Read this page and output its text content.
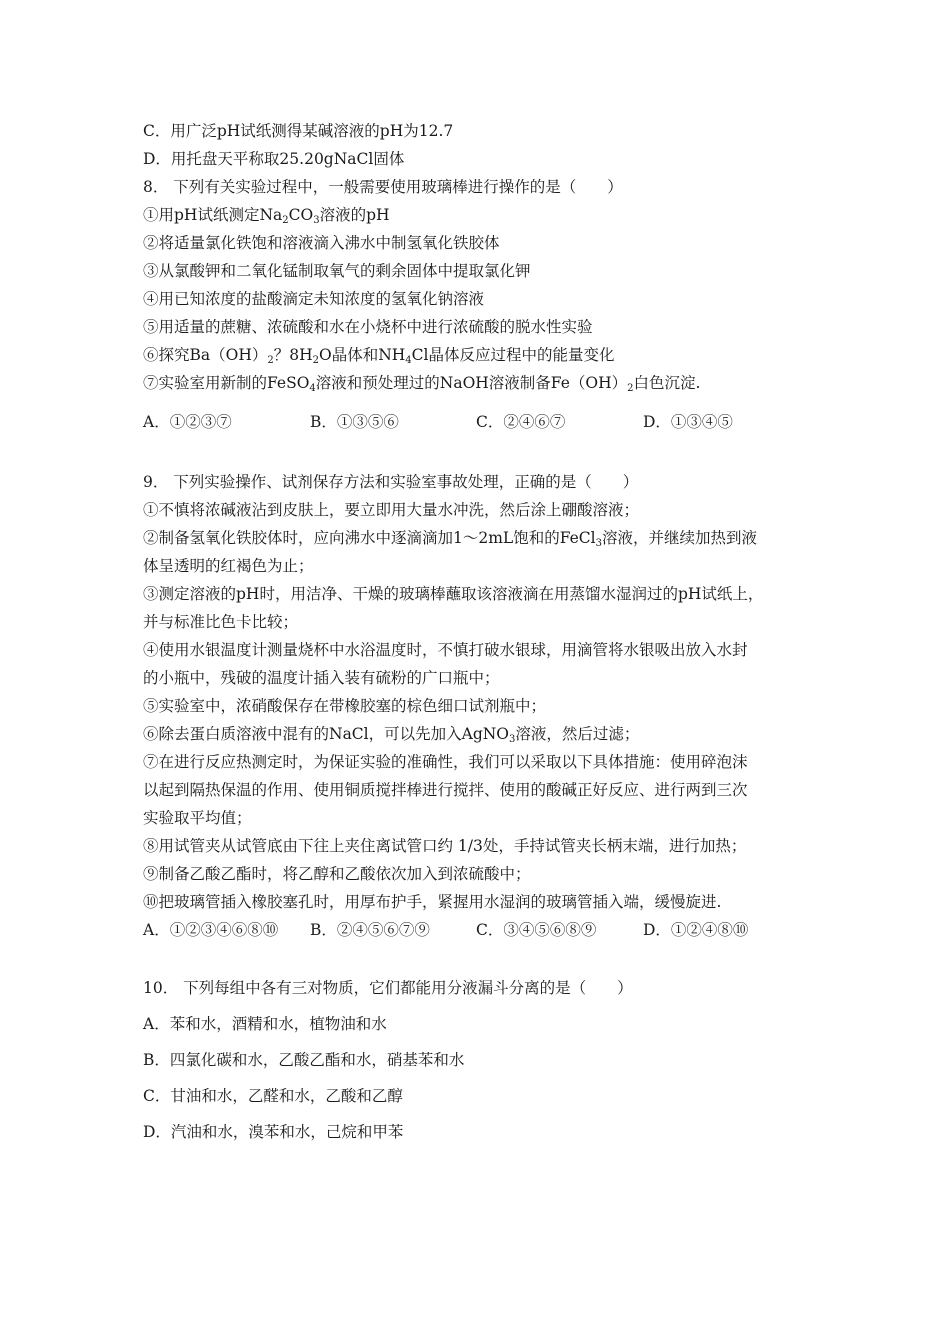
C．用广泛pH试纸测得某碱溶液的pH为12.7
D．用托盘天平称取25.20gNaCl固体
8． 下列有关实验过程中，一般需要使用玻璃棒进行操作的是（　　）
①用pH试纸测定$Na_2CO_3$溶液的pH
②将适量氯化铁饱和溶液滴入沸水中制氢氧化铁胶体
③从氯酸钾和二氧化锰制取氧气的剩余固体中提取氯化钾
④用已知浓度的盐酸滴定未知浓度的氢氧化钠溶液
⑤用适量的蔗糖、浓硫酸和水在小烧杯中进行浓硫酸的脱水性实验
⑥探究$Ba(OH)_2$？$8H_2O$晶体和$NH_4Cl$晶体反应过程中的能量变化
⑦实验室用新制的FeSO$_4$溶液和预处理过的NaOH溶液制备$Fe(OH)_2$白色沉淀.
A．①②③⑦	B．①③⑤⑥	C．②④⑥⑦	D．①③④⑤
9． 下列实验操作、试剂保存方法和实验室事故处理，正确的是（　　）
①不慎将浓碱液沾到皮肤上，要立即用大量水冲洗，然后涂上硼酸溶液；
②制备氢氧化铁胶体时，应向沸水中逐滴滴加1～2mL饱和的FeCl$_3$溶液，并继续加热到液
体呈透明的红褐色为止；
③测定溶液的pH时，用洁净、干燥的玻璃棒蘸取该溶液滴在用蒸馏水湿润过的pH试纸上，
并与标准比色卡比较；
④使用水银温度计测量烧杯中水浴温度时，不慎打破水银球，用滴管将水银吸出放入水封
的小瓶中，残破的温度计插入装有硫粉的广口瓶中；
⑤实验室中，浓硝酸保存在带橡胶塞的棕色细口试剂瓶中；
⑥除去蛋白质溶液中混有的NaCl，可以先加入AgNO$_3$溶液，然后过滤；
⑦在进行反应热测定时，为保证实验的准确性，我们可以采取以下具体措施：使用碎泡沫
以起到隔热保温的作用、使用铜质搅拌棒进行搅拌、使用的酸碱正好反应、进行两到三次
实验取平均值；
⑧用试管夹从试管底由下往上夹住离试管口约 1/3处，手持试管夹长柄末端，进行加热；
⑨制备乙酸乙酯时，将乙醇和乙酸依次加入到浓硫酸中；
⑩把玻璃管插入橡胶塞孔时，用厚布护手，紧握用水湿润的玻璃管插入端，缓慢旋进.
A．①②③④⑥⑧⑩ B．②④⑤⑥⑦⑨	C．③④⑤⑥⑧⑨	D．①②④⑧⑩
10． 下列每组中各有三对物质，它们都能用分液漏斗分离的是（　　）
A．苯和水，酒精和水，植物油和水
B．四氯化碳和水，乙酸乙酯和水，硝基苯和水
C．甘油和水，乙醛和水，乙酸和乙醇
D．汽油和水，溴苯和水，己烷和甲苯
